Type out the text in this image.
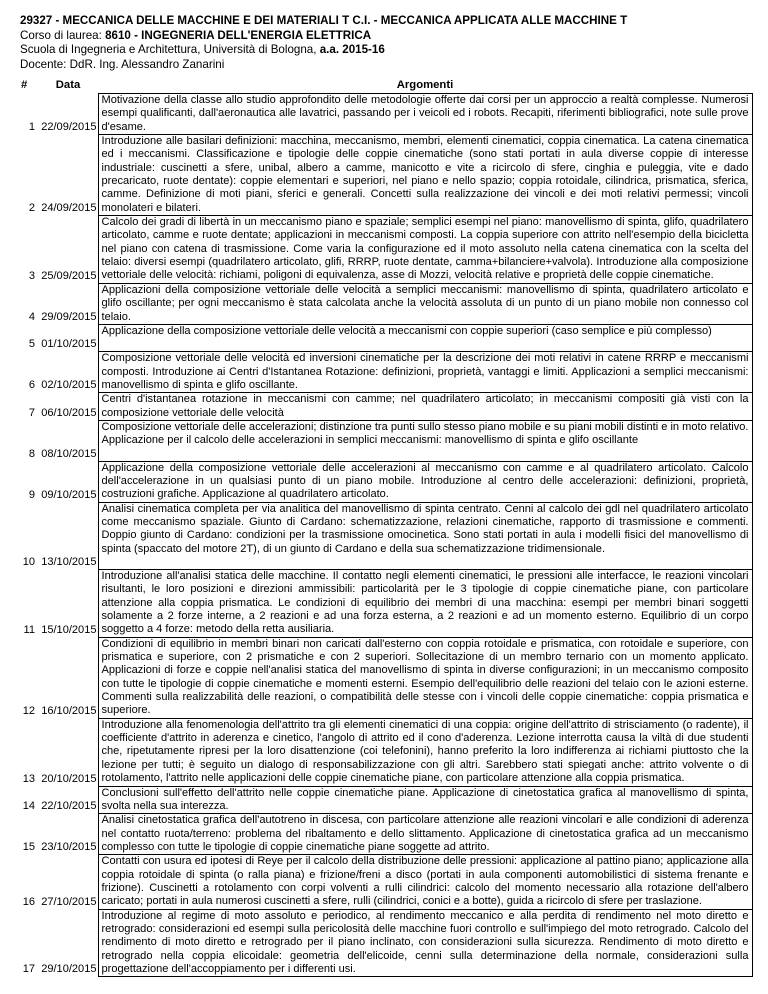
29327 - MECCANICA DELLE MACCHINE E DEI MATERIALI T C.I. - MECCANICA APPLICATA ALLE MACCHINE T
Corso di laurea: 8610 - INGEGNERIA DELL'ENERGIA ELETTRICA
Scuola di Ingegneria e Architettura, Università di Bologna, a.a. 2015-16
Docente: DdR. Ing. Alessandro Zanarini
#	Data	Argomenti
1	22/09/2015	Motivazione della classe allo studio approfondito delle metodologie offerte dai corsi per un approccio a realtà complesse. Numerosi esempi qualificanti, dall'aeronautica alle lavatrici, passando per i veicoli ed i robots. Recapiti, riferimenti bibliografici, note sulle prove d'esame.
2	24/09/2015	Introduzione alle basilari definizioni: macchina, meccanismo, membri, elementi cinematici, coppia cinematica. La catena cinematica ed i meccanismi. Classificazione e tipologie delle coppie cinematiche (sono stati portati in aula diverse coppie di interesse industriale: cuscinetti a sfere, unibal, albero a camme, manicotto e vite a ricircolo di sfere, cinghia e puleggia, vite e dado precaricato, ruote dentate): coppie elementari e superiori, nel piano e nello spazio; coppia rotoidale, cilindrica, prismatica, sferica, camme. Definizione di moti piani, sferici e generali. Concetti sulla realizzazione dei vincoli e dei moti relativi permessi; vincoli monolateri e bilateri.
3	25/09/2015	Calcolo dei gradi di libertà in un meccanismo piano e spaziale; semplici esempi nel piano: manovellismo di spinta, glifo, quadrilatero articolato, camme e ruote dentate; applicazioni in meccanismi composti. La coppia superiore con attrito nell'esempio della bicicletta nel piano con catena di trasmissione. Come varia la configurazione ed il moto assoluto nella catena cinematica con la scelta del telaio: diversi esempi (quadrilatero articolato, glifi, RRRP, ruote dentate, camma+bilanciere+valvola). Introduzione alla composizione vettoriale delle velocità: richiami, poligoni di equivalenza, asse di Mozzi, velocità relative e proprietà delle coppie cinematiche.
4	29/09/2015	Applicazioni della composizione vettoriale delle velocità a semplici meccanismi: manovellismo di spinta, quadrilatero articolato e glifo oscillante; per ogni meccanismo è stata calcolata anche la velocità assoluta di un punto di un piano mobile non connesso col telaio.
5	01/10/2015	Applicazione della composizione vettoriale delle velocità a meccanismi con coppie superiori (caso semplice e più complesso)
6	02/10/2015	Composizione vettoriale delle velocità ed inversioni cinematiche per la descrizione dei moti relativi in catene RRRP e meccanismi composti. Introduzione ai Centri d'Istantanea Rotazione: definizioni, proprietà, vantaggi e limiti. Applicazioni a semplici meccanismi: manovellismo di spinta e glifo oscillante.
7	06/10/2015	Centri d'istantanea rotazione in meccanismi con camme; nel quadrilatero articolato; in meccanismi compositi già visti con la composizione vettoriale delle velocità
8	08/10/2015	Composizione vettoriale delle accelerazioni; distinzione tra punti sullo stesso piano mobile e su piani mobili distinti e in moto relativo. Applicazione per il calcolo delle accelerazioni in semplici meccanismi: manovellismo di spinta e glifo oscillante
9	09/10/2015	Applicazione della composizione vettoriale delle accelerazioni al meccanismo con camme e al quadrilatero articolato. Calcolo dell'accelerazione in un qualsiasi punto di un piano mobile. Introduzione al centro delle accelerazioni: definizioni, proprietà, costruzioni grafiche. Applicazione al quadrilatero articolato.
10	13/10/2015	Analisi cinematica completa per via analitica del manovellismo di spinta centrato. Cenni al calcolo dei gdl nel quadrilatero articolato come meccanismo spaziale. Giunto di Cardano: schematizzazione, relazioni cinematiche, rapporto di trasmissione e commenti. Doppio giunto di Cardano: condizioni per la trasmissione omocinetica. Sono stati portati in aula i modelli fisici del manovellismo di spinta (spaccato del motore 2T), di un giunto di Cardano e della sua schematizzazione tridimensionale.
11	15/10/2015	Introduzione all'analisi statica delle macchine. Il contatto negli elementi cinematici, le pressioni alle interfacce, le reazioni vincolari risultanti, le loro posizioni e direzioni ammissibili: particolarità per le 3 tipologie di coppie cinematiche piane, con particolare attenzione alla coppia prismatica. Le condizioni di equilibrio dei membri di una macchina: esempi per membri binari soggetti solamente a 2 forze interne, a 2 reazioni e ad una forza esterna, a 2 reazioni e ad un momento esterno. Equilibrio di un corpo soggetto a 4 forze: metodo della retta ausiliaria.
12	16/10/2015	Condizioni di equilibrio in membri binari non caricati dall'esterno con coppia rotoidale e prismatica, con rotoidale e superiore, con prismatica e superiore, con 2 prismatiche e con 2 superiori. Sollecitazione di un membro ternario con un momento applicato. Applicazioni di forze e coppie nell'analisi statica del manovellismo di spinta in diverse configurazioni; in un meccanismo composito con tutte le tipologie di coppie cinematiche e momenti esterni. Esempio dell'equilibrio delle reazioni del telaio con le azioni esterne. Commenti sulla realizzabilità delle reazioni, o compatibilità delle stesse con i vincoli delle coppie cinematiche: coppia prismatica e superiore.
13	20/10/2015	Introduzione alla fenomenologia dell'attrito tra gli elementi cinematici di una coppia: origine dell'attrito di strisciamento (o radente), il coefficiente d'attrito in aderenza e cinetico, l'angolo di attrito ed il cono d'aderenza. Lezione interrotta causa la viltà di due studenti che, ripetutamente ripresi per la loro disattenzione (coi telefonini), hanno preferito la loro indifferenza ai richiami piuttosto che la lezione per tutti; è seguito un dialogo di responsabilizzazione con gli altri. Sarebbero stati spiegati anche: attrito volvente o di rotolamento, l'attrito nelle applicazioni delle coppie cinematiche piane, con particolare attenzione alla coppia prismatica.
14	22/10/2015	Conclusioni sull'effetto dell'attrito nelle coppie cinematiche piane. Applicazione di cinetostatica grafica al manovellismo di spinta, svolta nella sua interezza.
15	23/10/2015	Analisi cinetostatica grafica dell'autotreno in discesa, con particolare attenzione alle reazioni vincolari e alle condizioni di aderenza nel contatto ruota/terreno: problema del ribaltamento e dello slittamento. Applicazione di cinetostatica grafica ad un meccanismo complesso con tutte le tipologie di coppie cinematiche piane soggette ad attrito.
16	27/10/2015	Contatti con usura ed ipotesi di Reye per il calcolo della distribuzione delle pressioni: applicazione al pattino piano; applicazione alla coppia rotoidale di spinta (o ralla piana) e frizione/freni a disco (portati in aula componenti automobilistici di sistema frenante e frizione). Cuscinetti a rotolamento con corpi volventi a rulli cilindrici: calcolo del momento necessario alla rotazione dell'albero caricato; portati in aula numerosi cuscinetti a sfere, rulli (cilindrici, conici e a botte), guida a ricircolo di sfere per traslazione.
17	29/10/2015	Introduzione al regime di moto assoluto e periodico, al rendimento meccanico e alla perdita di rendimento nel moto diretto e retrogrado: considerazioni ed esempi sulla pericolosità delle macchine fuori controllo e sull'impiego del moto retrogrado. Calcolo del rendimento di moto diretto e retrogrado per il piano inclinato, con considerazioni sulla sicurezza. Rendimento di moto diretto e retrogrado nella coppia elicoidale: geometria dell'elicoide, cenni sulla determinazione della normale, considerazioni sulla progettazione dell'accoppiamento per i differenti usi.
